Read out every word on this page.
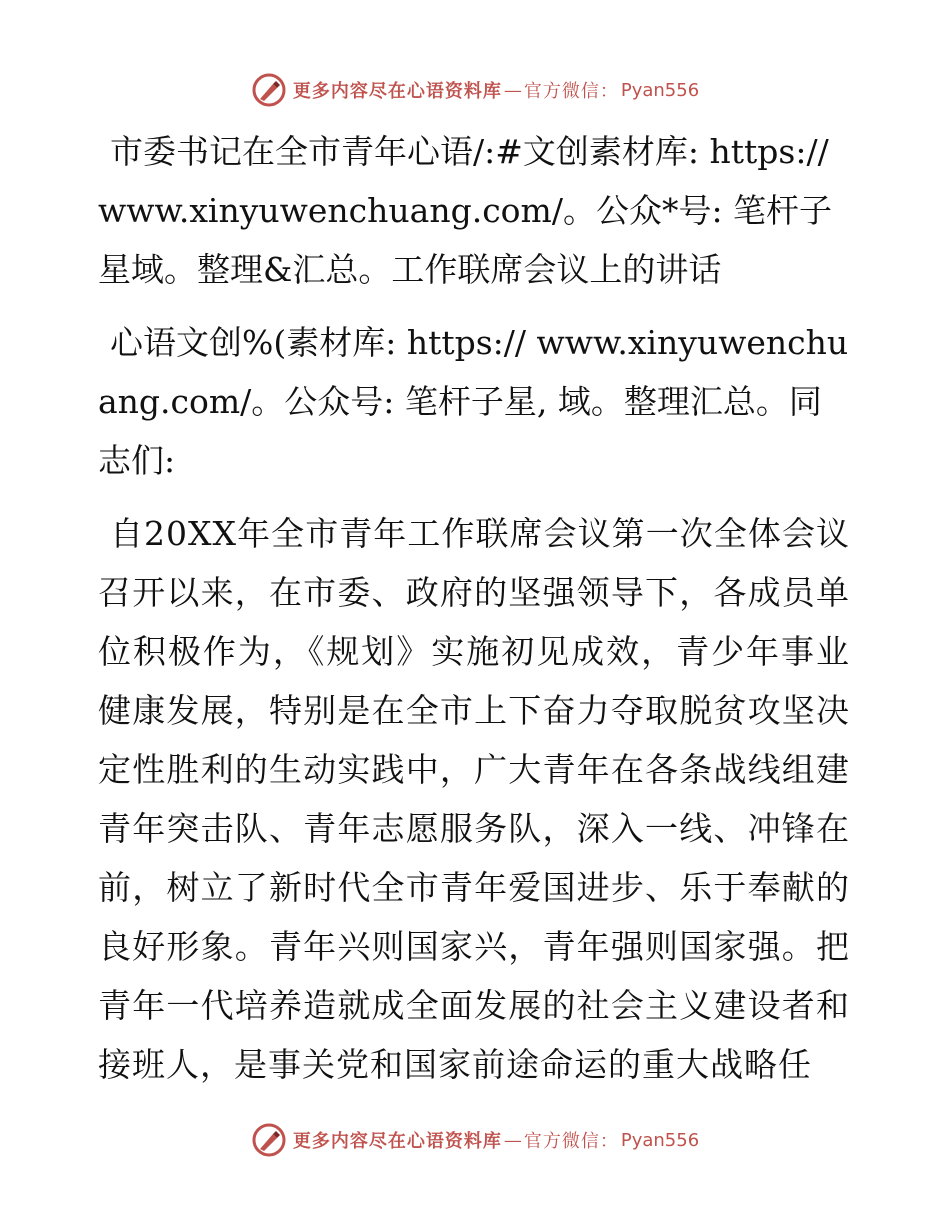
更多内容尽在心语资料库 — 官方微信： Pyan556

市委书记在全市青年心语/:#文创素材库: https://www.xinyuwenchuang.com/。公众*号: 笔杆子星域。整理&汇总。工作联席会议上的讲话

心语文创%(素材库: https:// www.xinyuwenchuang.com/。公众号: 笔杆子星, 域。整理汇总。同志们:

自20XX年全市青年工作联席会议第一次全体会议召开以来，在市委、政府的坚强领导下，各成员单位积极作为，《规划》实施初见成效，青少年事业健康发展，特别是在全市上下奋力夺取脱贫攻坚决定性胜利的生动实践中，广大青年在各条战线组建青年突击队、青年志愿服务队，深入一线、冲锋在前，树立了新时代全市青年爱国进步、乐于奉献的良好形象。青年兴则国家兴，青年强则国家强。把青年一代培养造就成全面发展的社会主义建设者和接班人，是事关党和国家前途命运的重大战略任

更多内容尽在心语资料库 — 官方微信： Pyan556
